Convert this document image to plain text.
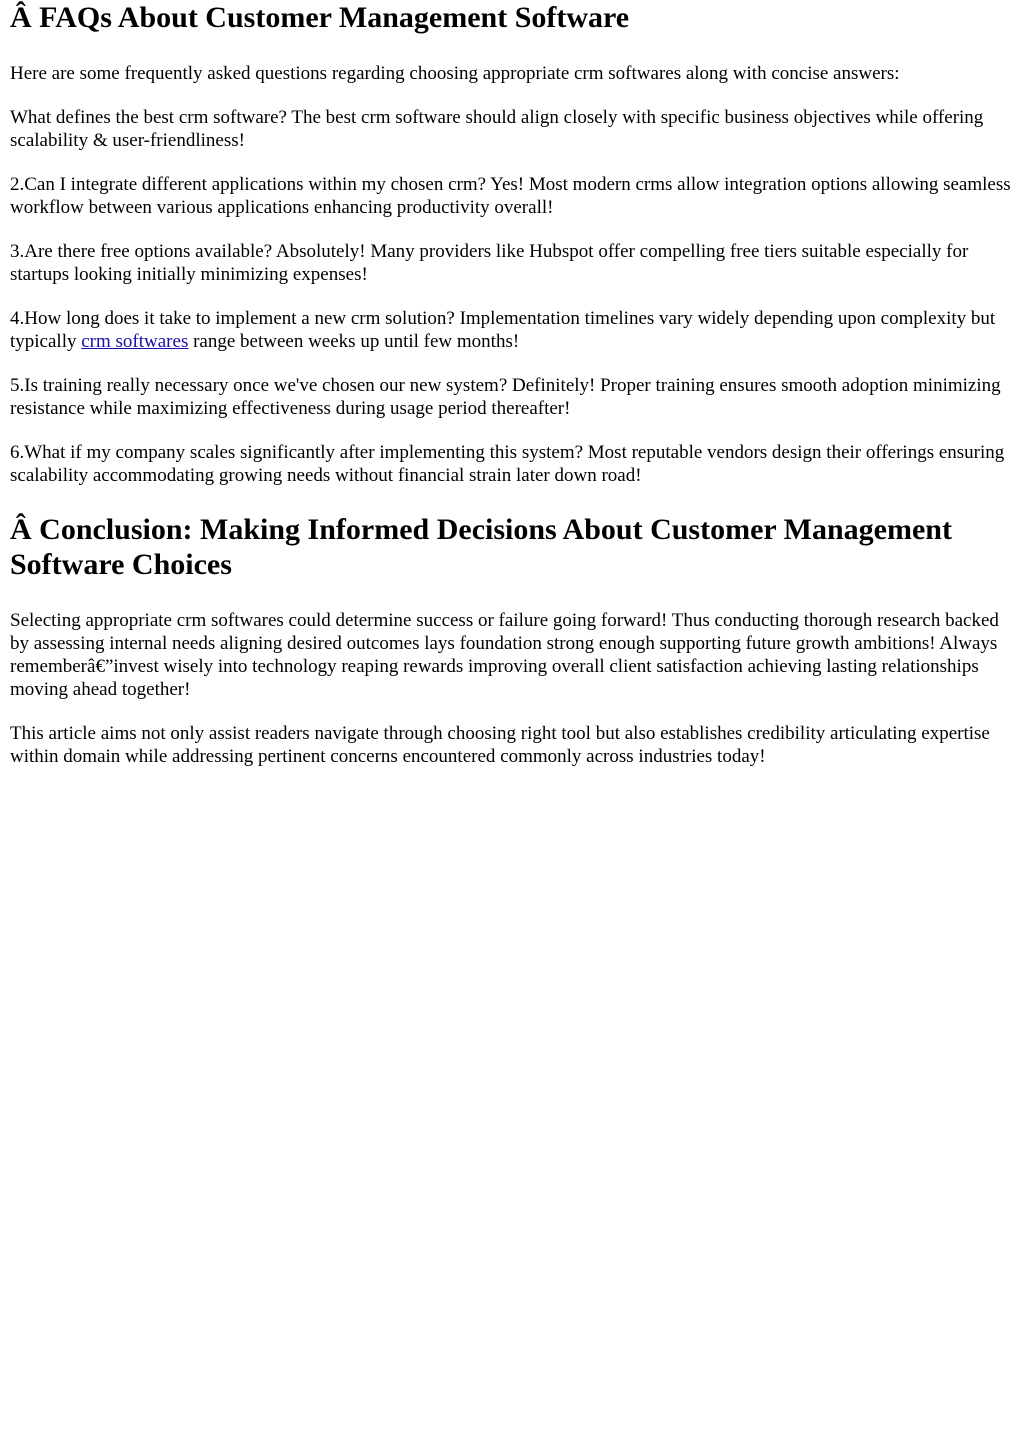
Â FAQs About Customer Management Software

Here are some frequently asked questions regarding choosing appropriate crm softwares along with concise answers:

What defines the best crm software? The best crm software should align closely with specific business objectives while offering scalability & user-friendliness!

2.Can I integrate different applications within my chosen crm? Yes! Most modern crms allow integration options allowing seamless workflow between various applications enhancing productivity overall!

3.Are there free options available? Absolutely! Many providers like Hubspot offer compelling free tiers suitable especially for startups looking initially minimizing expenses!

4.How long does it take to implement a new crm solution? Implementation timelines vary widely depending upon complexity but typically crm softwares range between weeks up until few months!

5.Is training really necessary once we've chosen our new system? Definitely! Proper training ensures smooth adoption minimizing resistance while maximizing effectiveness during usage period thereafter!

6.What if my company scales significantly after implementing this system? Most reputable vendors design their offerings ensuring scalability accommodating growing needs without financial strain later down road!

Â Conclusion: Making Informed Decisions About Customer Management Software Choices

Selecting appropriate crm softwares could determine success or failure going forward! Thus conducting thorough research backed by assessing internal needs aligning desired outcomes lays foundation strong enough supporting future growth ambitions! Always rememberâ€”invest wisely into technology reaping rewards improving overall client satisfaction achieving lasting relationships moving ahead together!

This article aims not only assist readers navigate through choosing right tool but also establishes credibility articulating expertise within domain while addressing pertinent concerns encountered commonly across industries today!
